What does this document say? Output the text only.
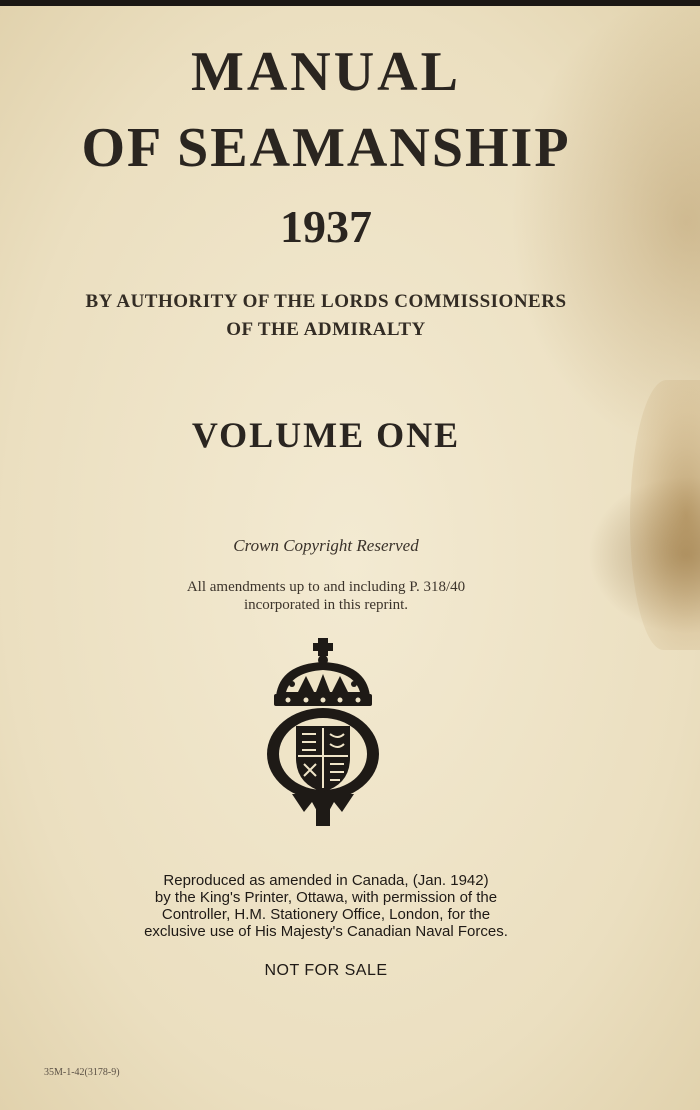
MANUAL
OF SEAMANSHIP
1937
BY AUTHORITY OF THE LORDS COMMISSIONERS
OF THE ADMIRALTY
VOLUME ONE
Crown Copyright Reserved
All amendments up to and including P. 318/40
incorporated in this reprint.
Reproduced as amended in Canada, (Jan. 1942)
by the King's Printer, Ottawa, with permission of the
Controller, H.M. Stationery Office, London, for the
exclusive use of His Majesty's Canadian Naval Forces.
NOT FOR SALE
35M-1-42(3178-9)
